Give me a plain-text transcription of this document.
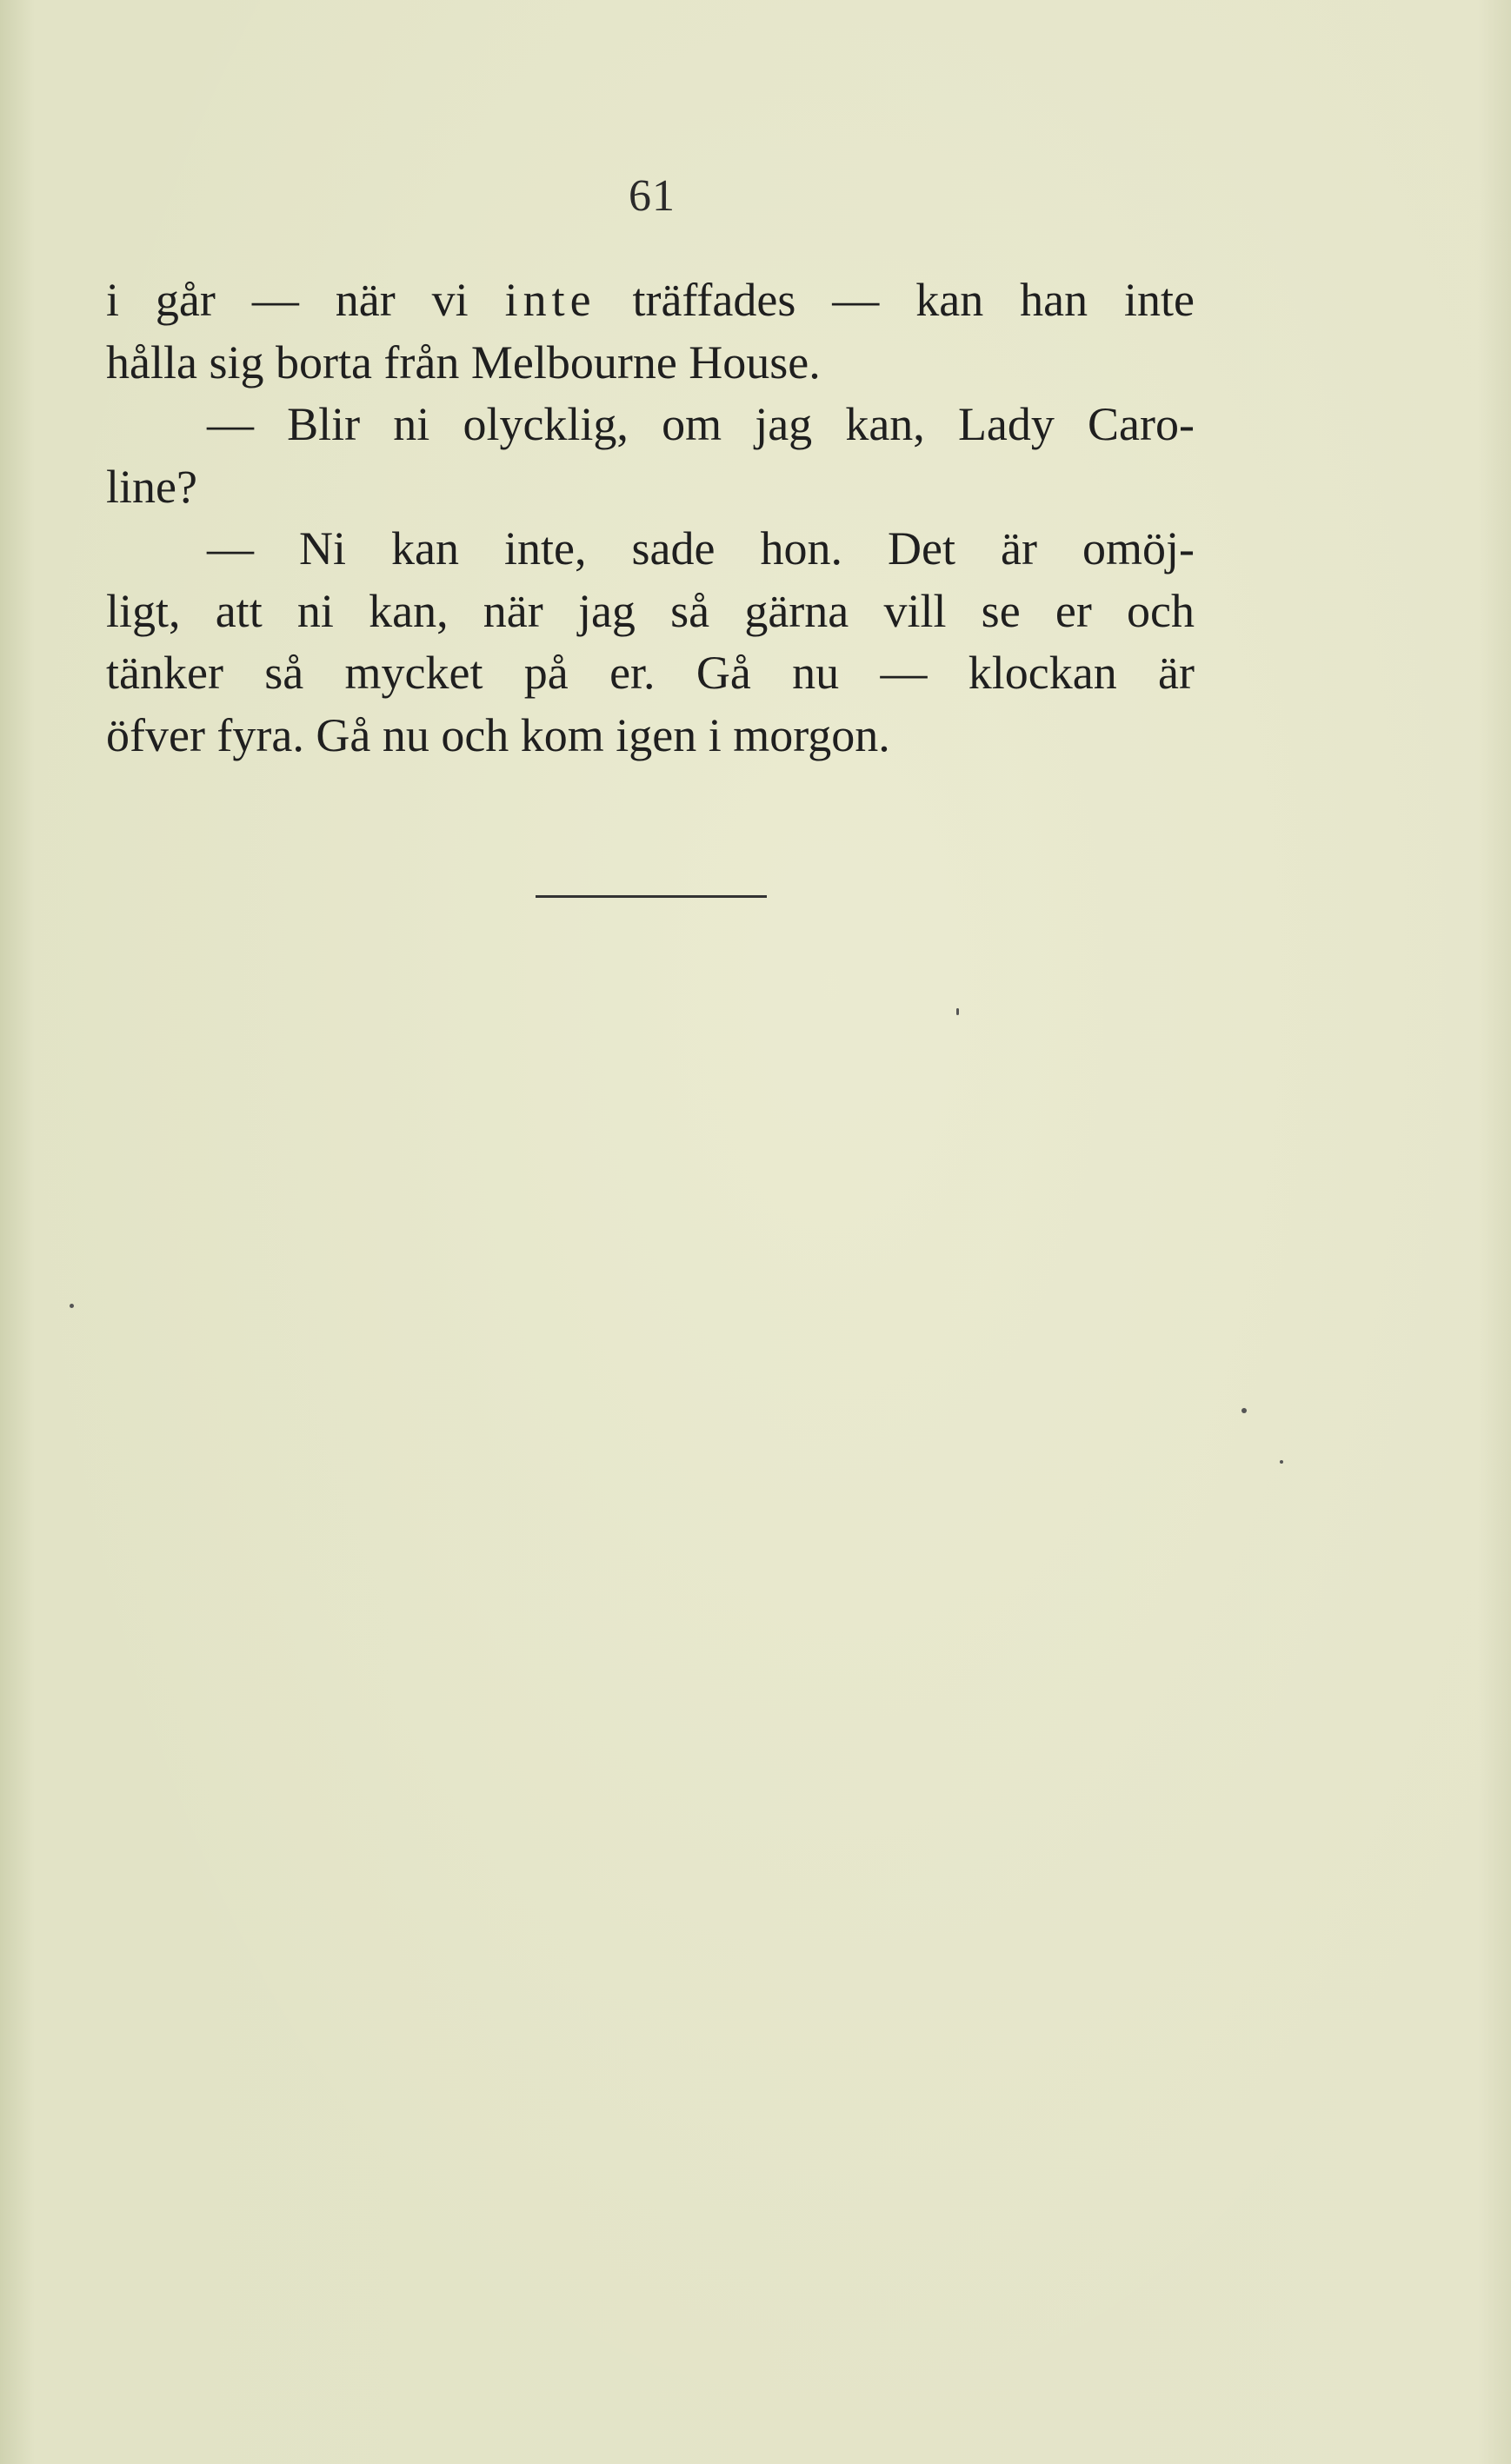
61
i går — när vi inte träffades — kan han inte
hålla sig borta från Melbourne House.
— Blir ni olycklig, om jag kan, Lady Caro-
line?
— Ni kan inte, sade hon. Det är omöj-
ligt, att ni kan, när jag så gärna vill se er och
tänker så mycket på er. Gå nu — klockan är
öfver fyra. Gå nu och kom igen i morgon.
